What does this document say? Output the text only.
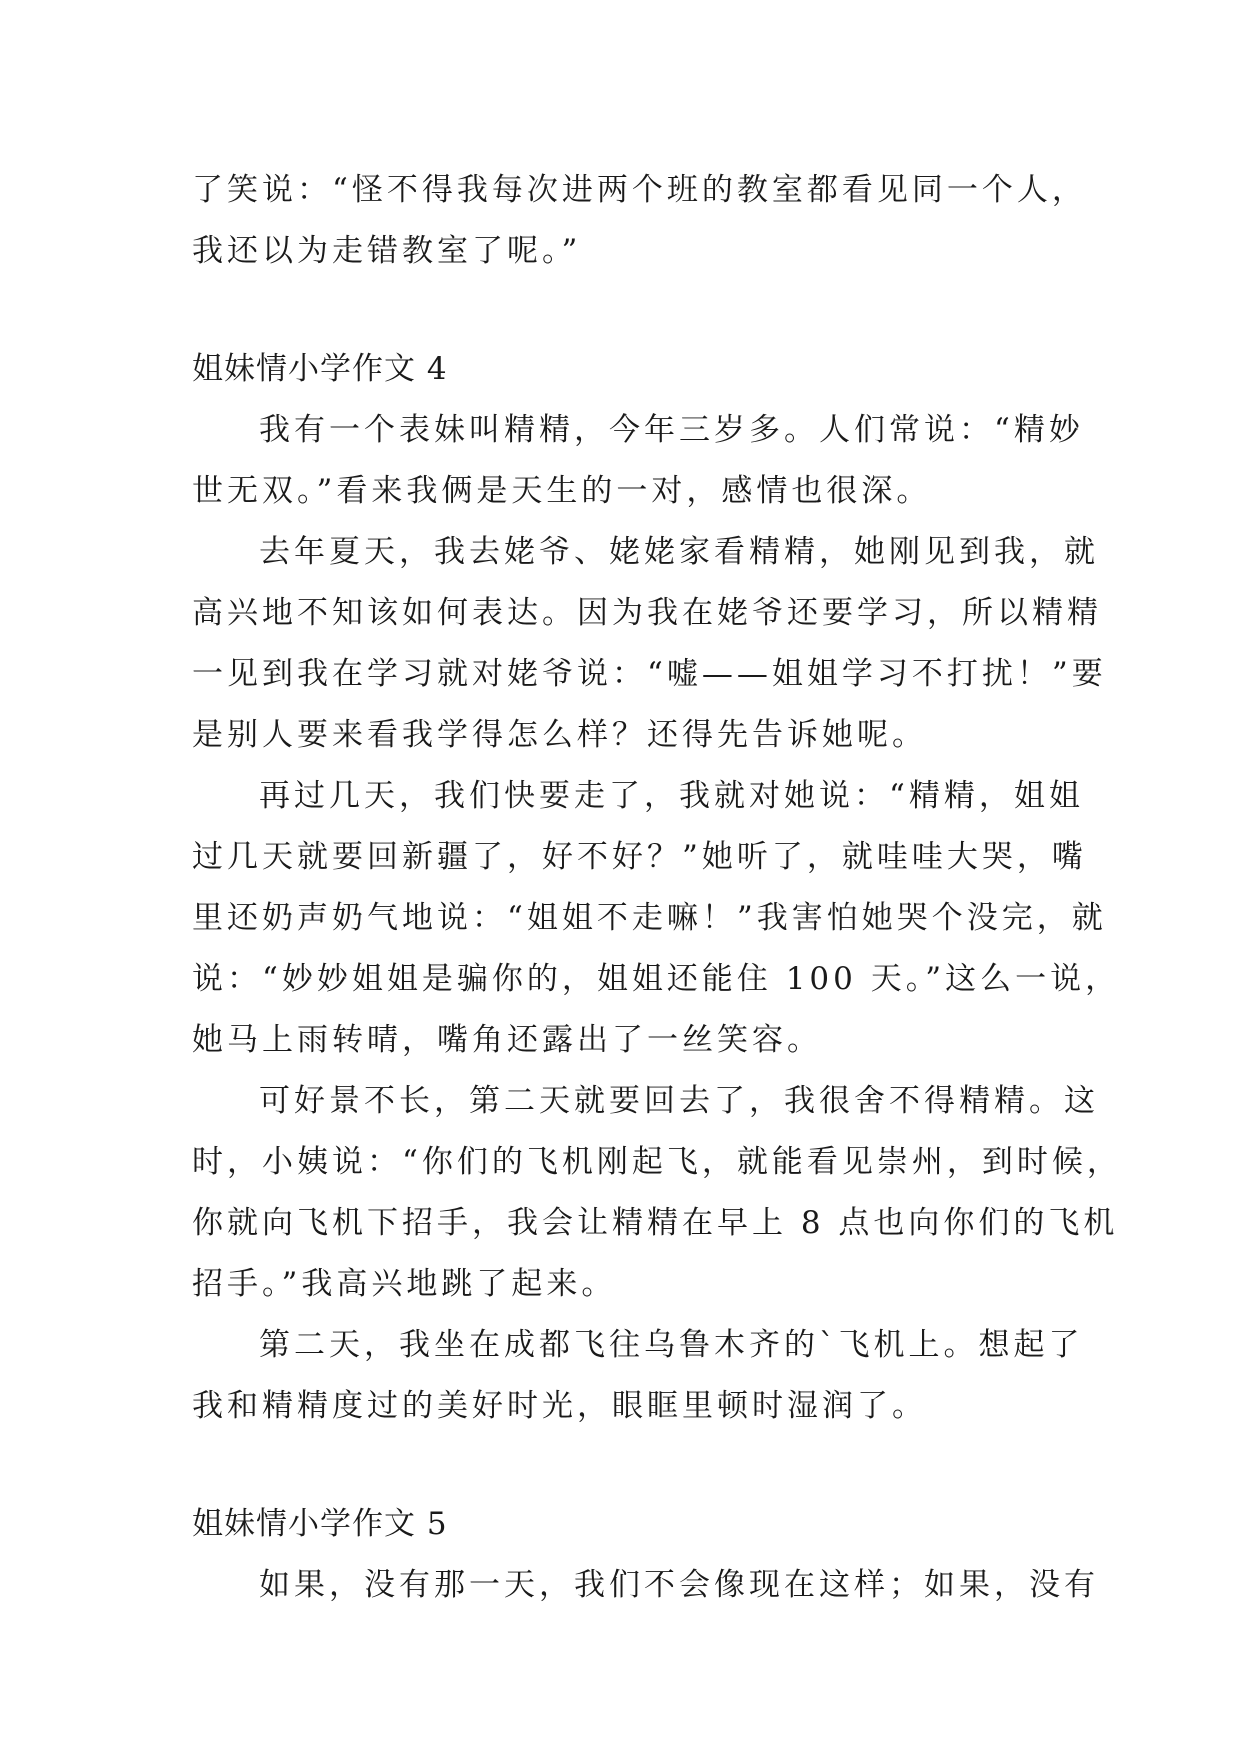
了笑说：“怪不得我每次进两个班的教室都看见同一个人，
我还以为走错教室了呢。”
姐妹情小学作文 4
我有一个表妹叫精精，今年三岁多。人们常说：“精妙
世无双。”看来我俩是天生的一对，感情也很深。
去年夏天，我去姥爷、姥姥家看精精，她刚见到我，就
高兴地不知该如何表达。因为我在姥爷还要学习，所以精精
一见到我在学习就对姥爷说：“嘘——姐姐学习不打扰！”要
是别人要来看我学得怎么样？还得先告诉她呢。
再过几天，我们快要走了，我就对她说：“精精，姐姐
过几天就要回新疆了，好不好？”她听了，就哇哇大哭，嘴
里还奶声奶气地说：“姐姐不走嘛！”我害怕她哭个没完，就
说：“妙妙姐姐是骗你的，姐姐还能住 100 天。”这么一说，
她马上雨转晴，嘴角还露出了一丝笑容。
可好景不长，第二天就要回去了，我很舍不得精精。这
时，小姨说：“你们的飞机刚起飞，就能看见崇州，到时候，
你就向飞机下招手，我会让精精在早上 8 点也向你们的飞机
招手。”我高兴地跳了起来。
第二天，我坐在成都飞往乌鲁木齐的`飞机上。想起了
我和精精度过的美好时光，眼眶里顿时湿润了。
姐妹情小学作文 5
如果，没有那一天，我们不会像现在这样；如果，没有
